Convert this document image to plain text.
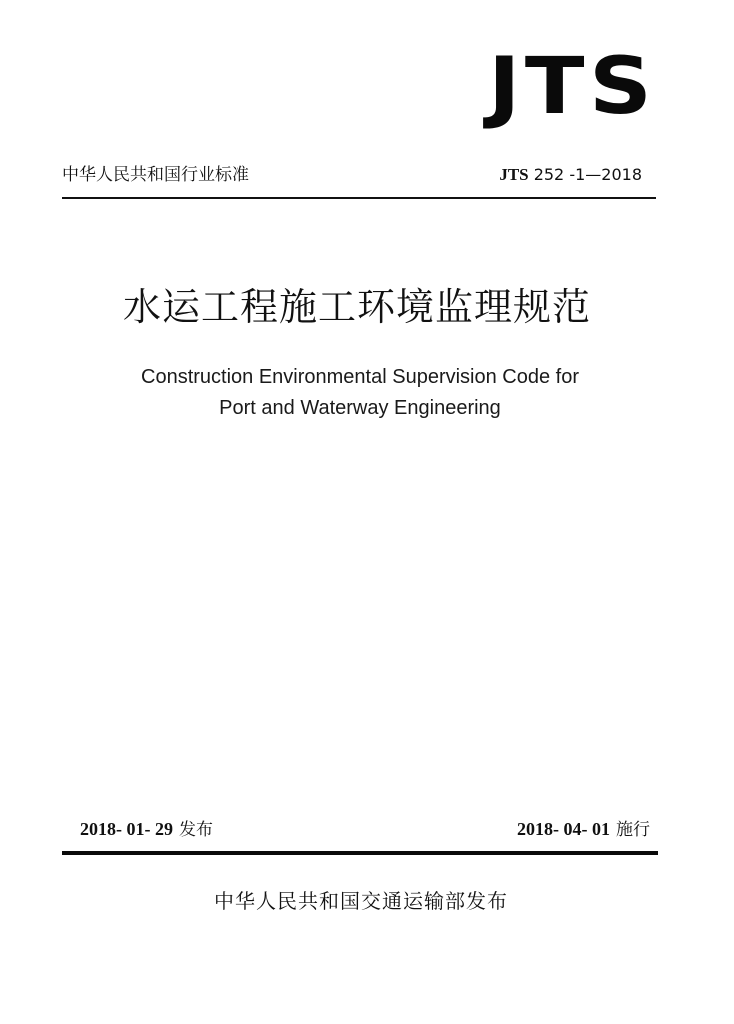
JTS
中华人民共和国行业标准	JTS 252 -1—2018
水运工程施工环境监理规范
Construction Environmental Supervision Code for
Port and Waterway Engineering
2018- 01- 29 发布	2018- 04- 01 施行
中华人民共和国交通运输部发布
